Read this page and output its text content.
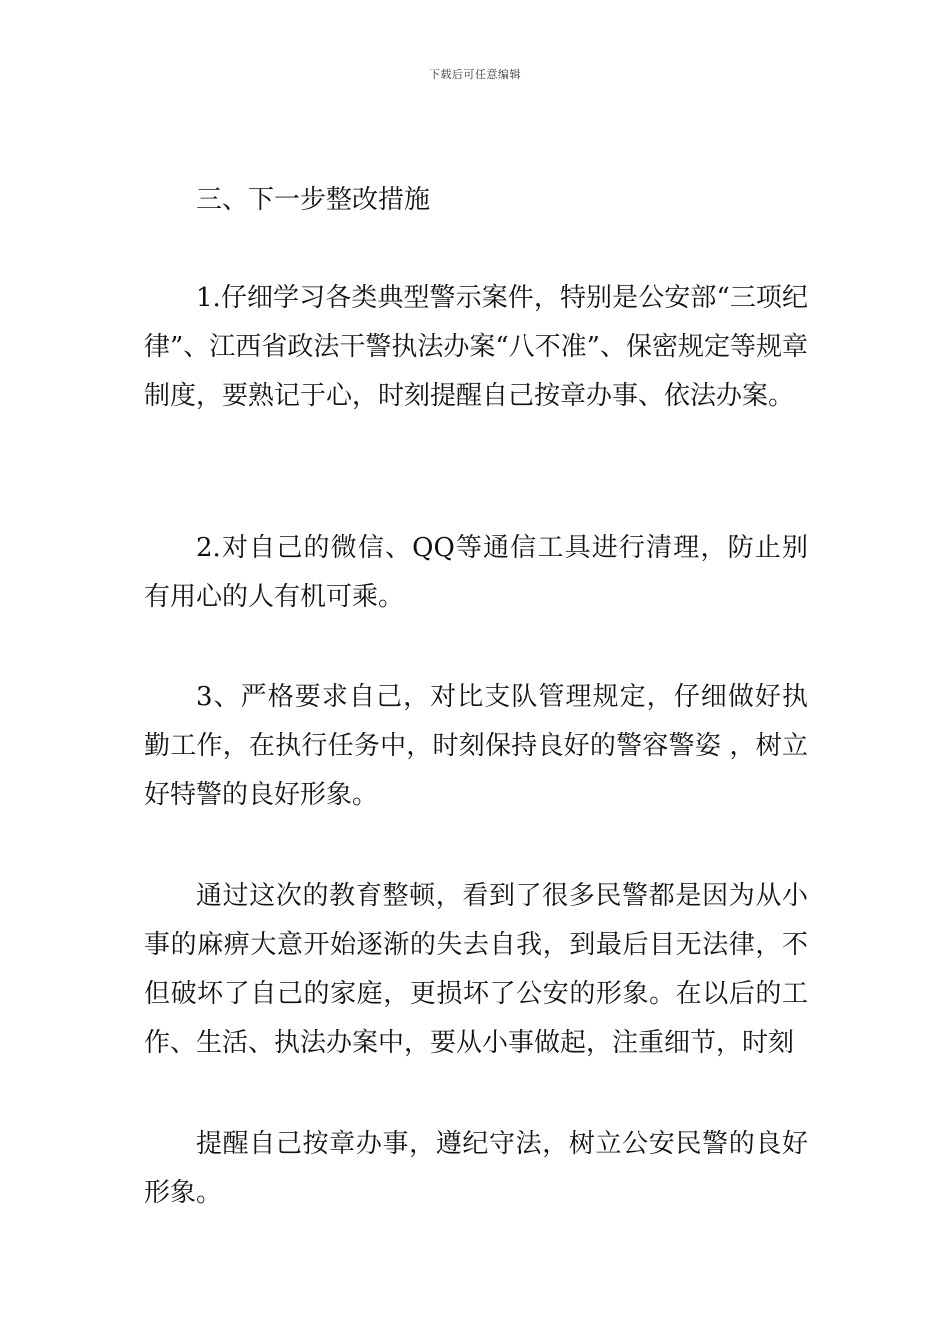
下载后可任意编辑

三、下一步整改措施

1.仔细学习各类典型警示案件，特别是公安部“三项纪律”、江西省政法干警执法办案“八不准”、保密规定等规章制度，要熟记于心，时刻提醒自己按章办事、依法办案。

2.对自己的微信、QQ等通信工具进行清理，防止别有用心的人有机可乘。

3、严格要求自己，对比支队管理规定，仔细做好执勤工作，在执行任务中，时刻保持良好的警容警姿 ，树立好特警的良好形象。

通过这次的教育整顿，看到了很多民警都是因为从小事的麻痹大意开始逐渐的失去自我，到最后目无法律，不但破坏了自己的家庭，更损坏了公安的形象。在以后的工作、生活、执法办案中，要从小事做起，注重细节，时刻

提醒自己按章办事，遵纪守法，树立公安民警的良好形象。
